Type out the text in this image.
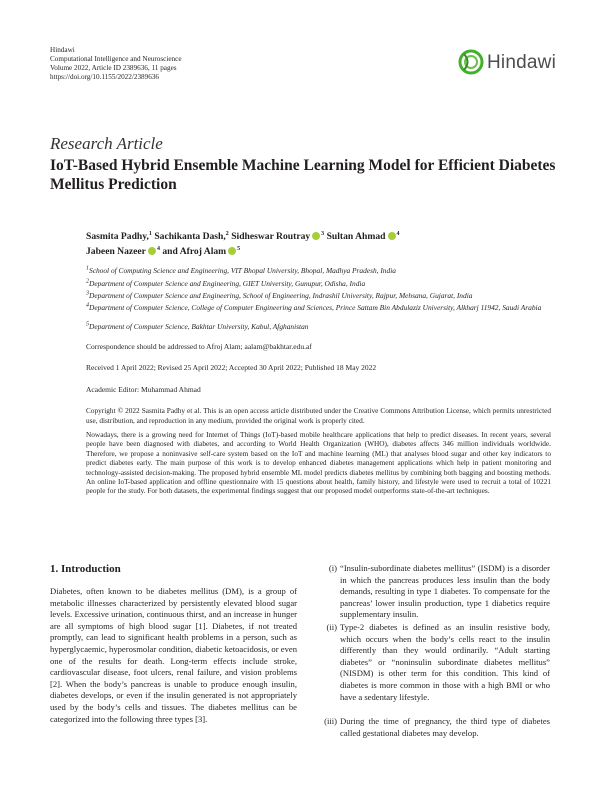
Hindawi
Computational Intelligence and Neuroscience
Volume 2022, Article ID 2389636, 11 pages
https://doi.org/10.1155/2022/2389636
Hindawi
Research Article
IoT-Based Hybrid Ensemble Machine Learning Model for Efficient Diabetes Mellitus Prediction
Sasmita Padhy,$^1$ Sachikanta Dash,$^2$ Sidheswar Routray $^3$ Sultan Ahmad $^4$
Jabeen Nazeer $^4$ and Afroj Alam $^5$
$^1$School of Computing Science and Engineering, VIT Bhopal University, Bhopal, Madhya Pradesh, India
$^2$Department of Computer Science and Engineering, GIET University, Gunupur, Odisha, India
$^3$Department of Computer Science and Engineering, School of Engineering, Indrashil University, Rajpur, Mehsana, Gujarat, India
$^4$Department of Computer Science, College of Computer Engineering and Sciences, Prince Sattam Bin Abdulaziz University, Alkharj 11942, Saudi Arabia
$^5$Department of Computer Science, Bakhtar University, Kabul, Afghanistan
Correspondence should be addressed to Afroj Alam; aalam@bakhtar.edu.af
Received 1 April 2022; Revised 25 April 2022; Accepted 30 April 2022; Published 18 May 2022
Academic Editor: Muhammad Ahmad
Copyright © 2022 Sasmita Padhy et al. This is an open access article distributed under the Creative Commons Attribution License, which permits unrestricted use, distribution, and reproduction in any medium, provided the original work is properly cited.
Nowadays, there is a growing need for Internet of Things (IoT)-based mobile healthcare applications that help to predict diseases. In recent years, several people have been diagnosed with diabetes, and according to World Health Organization (WHO), diabetes affects 346 million individuals worldwide. Therefore, we propose a noninvasive self-care system based on the IoT and machine learning (ML) that analyses blood sugar and other key indicators to predict diabetes early. The main purpose of this work is to develop enhanced diabetes management applications which help in patient monitoring and technology-assisted decision-making. The proposed hybrid ensemble ML model predicts diabetes mellitus by combining both bagging and boosting methods. An online IoT-based application and offline questionnaire with 15 questions about health, family history, and lifestyle were used to recruit a total of 10221 people for the study. For both datasets, the experimental findings suggest that our proposed model outperforms state-of-the-art techniques.
1. Introduction
Diabetes, often known to be diabetes mellitus (DM), is a group of metabolic illnesses characterized by persistently elevated blood sugar levels. Excessive urination, continuous thirst, and an increase in hunger are all symptoms of high blood sugar [1]. Diabetes, if not treated promptly, can lead to significant health problems in a person, such as hyperglycaemic, hyperosmolar condition, diabetic ketoacidosis, or even one of the results for death. Long-term effects include stroke, cardiovascular disease, foot ulcers, renal failure, and vision problems [2]. When the body’s pancreas is unable to produce enough insulin, diabetes develops, or even if the insulin generated is not appropriately used by the body’s cells and tissues. The diabetes mellitus can be categorized into the following three types [3].
(i) “Insulin-subordinate diabetes mellitus” (ISDM) is a disorder in which the pancreas produces less insulin than the body demands, resulting in type 1 diabetes. To compensate for the pancreas’ lower insulin production, type 1 diabetics require supplementary insulin.
(ii) Type-2 diabetes is defined as an insulin resistive body, which occurs when the body’s cells react to the insulin differently than they would ordinarily. “Adult starting diabetes” or “noninsulin subordinate diabetes mellitus” (NISDM) is other term for this condition. This kind of diabetes is more common in those with a high BMI or who have a sedentary lifestyle.
(iii) During the time of pregnancy, the third type of diabetes called gestational diabetes may develop.
